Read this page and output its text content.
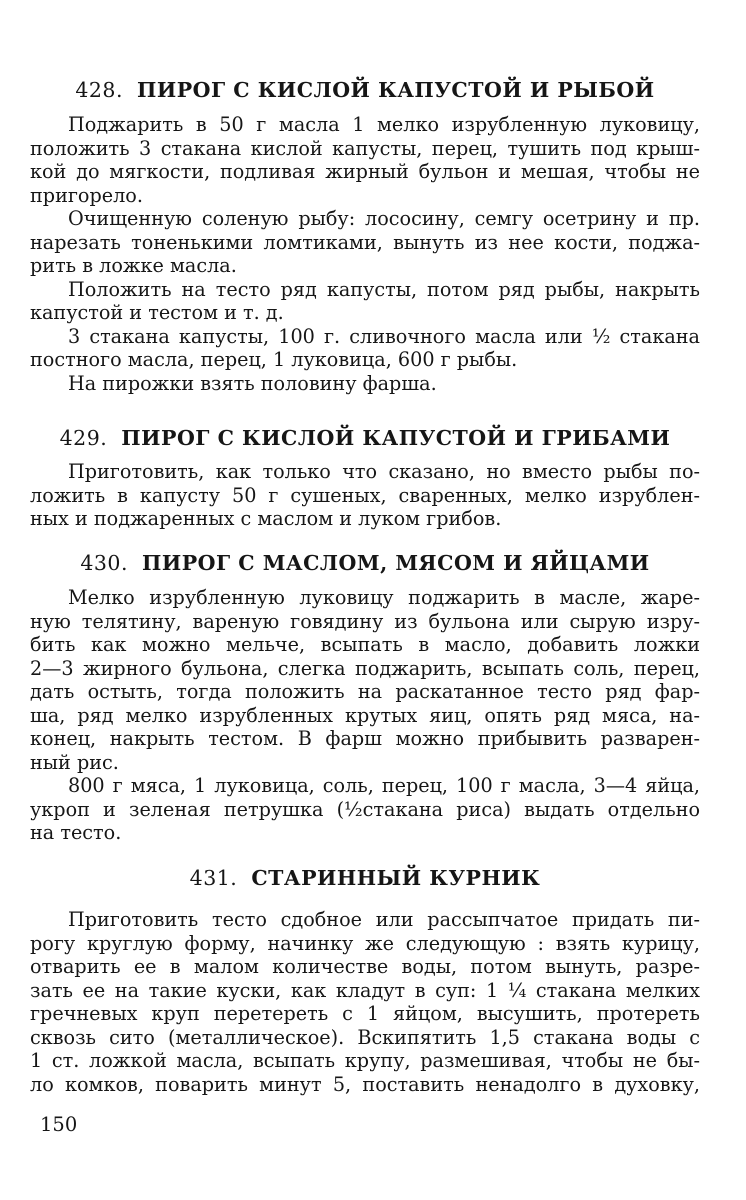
428. ПИРОГ С КИСЛОЙ КАПУСТОЙ И РЫБОЙ
Поджарить в 50 г масла 1 мелко изрубленную луковицу,
положить 3 стакана кислой капусты, перец, тушить под крыш-
кой до мягкости, подливая жирный бульон и мешая, чтобы не
пригорело.
Очищенную соленую рыбу: лососину, семгу осетрину и пр.
нарезать тоненькими ломтиками, вынуть из нее кости, поджа-
рить в ложке масла.
Положить на тесто ряд капусты, потом ряд рыбы, накрыть
капустой и тестом и т. д.
3 стакана капусты, 100 г. сливочного масла или ½ стакана
постного масла, перец, 1 луковица, 600 г рыбы.
На пирожки взять половину фарша.
429. ПИРОГ С КИСЛОЙ КАПУСТОЙ И ГРИБАМИ
Приготовить, как только что сказано, но вместо рыбы по-
ложить в капусту 50 г сушеных, сваренных, мелко изрублен-
ных и поджаренных с маслом и луком грибов.
430. ПИРОГ С МАСЛОМ, МЯСОМ И ЯЙЦАМИ
Мелко изрубленную луковицу поджарить в масле, жаре-
ную телятину, вареную говядину из бульона или сырую изру-
бить как можно мельче, всыпать в масло, добавить ложки
2—3 жирного бульона, слегка поджарить, всыпать соль, перец,
дать остыть, тогда положить на раскатанное тесто ряд фар-
ша, ряд мелко изрубленных крутых яиц, опять ряд мяса, на-
конец, накрыть тестом. В фарш можно прибывить разварен-
ный рис.
800 г мяса, 1 луковица, соль, перец, 100 г масла, 3—4 яйца,
укроп и зеленая петрушка (½стакана риса) выдать отдельно
на тесто.
431. СТАРИННЫЙ КУРНИК
Приготовить тесто сдобное или рассыпчатое придать пи-
рогу круглую форму, начинку же следующую : взять курицу,
отварить ее в малом количестве воды, потом вынуть, разре-
зать ее на такие куски, как кладут в суп: 1 ¼ стакана мелких
гречневых круп перетереть с 1 яйцом, высушить, протереть
сквозь сито (металлическое). Вскипятить 1,5 стакана воды с
1 ст. ложкой масла, всыпать крупу, размешивая, чтобы не бы-
ло комков, поварить минут 5, поставить ненадолго в духовку,
150
